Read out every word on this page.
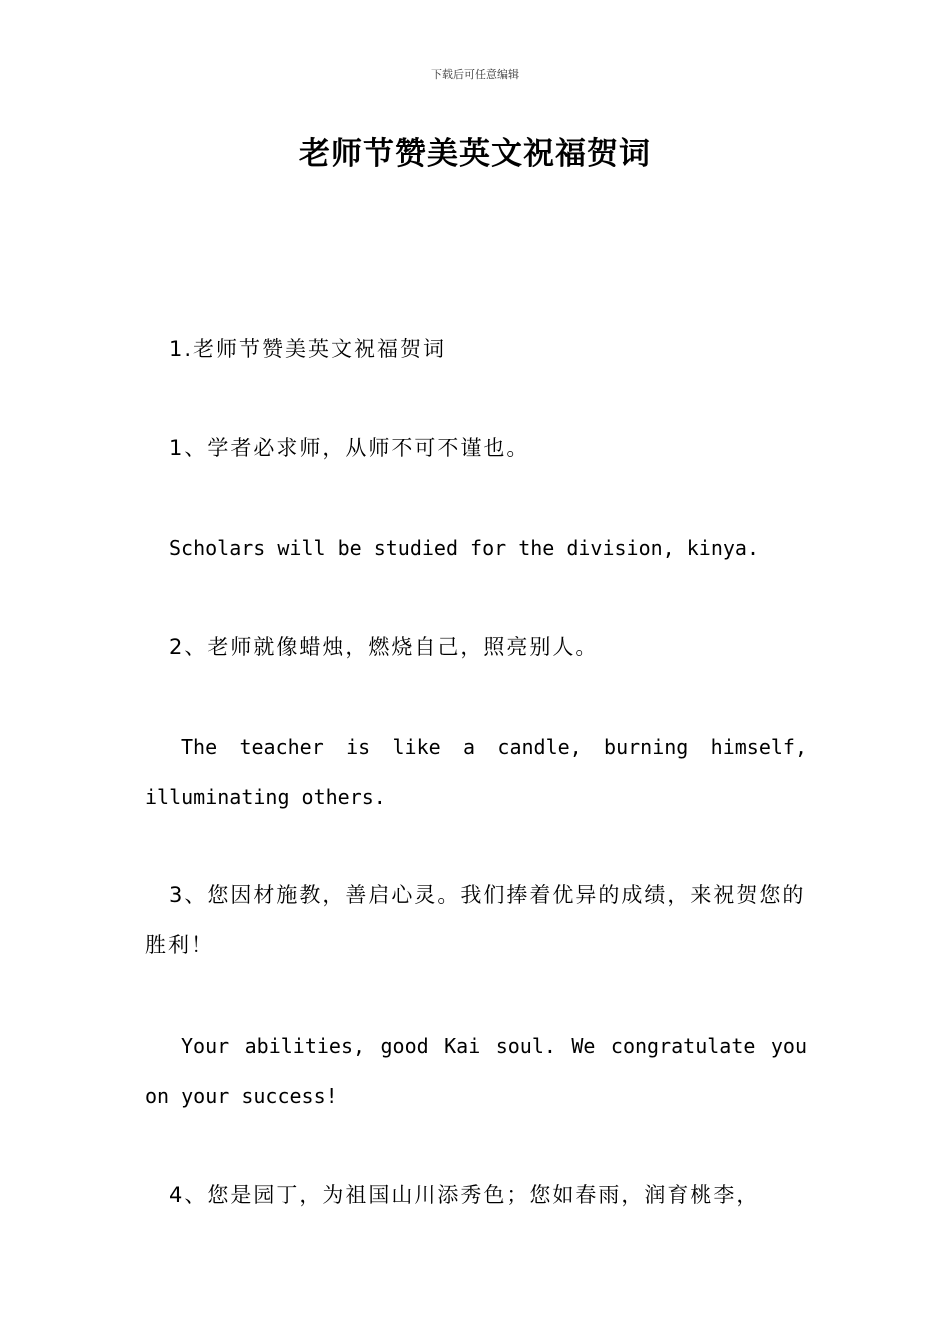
下载后可任意编辑
老师节赞美英文祝福贺词

1.老师节赞美英文祝福贺词

1、学者必求师，从师不可不谨也。

Scholars will be studied for the division, kinya.

2、老师就像蜡烛，燃烧自己，照亮别人。

The teacher is like a candle, burning himself, illuminating others.

3、您因材施教，善启心灵。我们捧着优异的成绩，来祝贺您的胜利！

Your abilities, good Kai soul. We congratulate you on your success!

4、您是园丁，为祖国山川添秀色；您如春雨，润育桃李，
